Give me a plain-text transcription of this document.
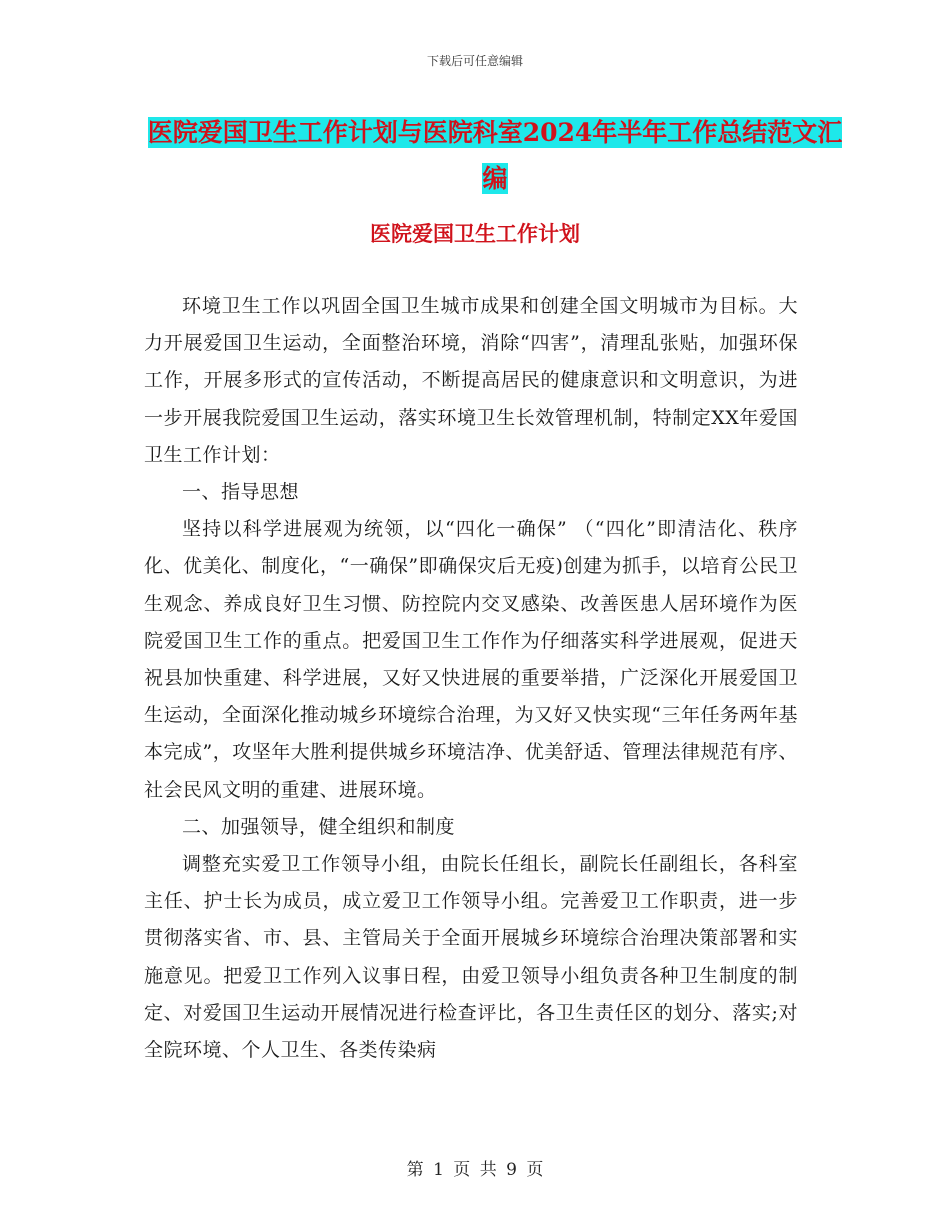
下载后可任意编辑
医院爱国卫生工作计划与医院科室2024年半年工作总结范文汇编
医院爱国卫生工作计划

环境卫生工作以巩固全国卫生城市成果和创建全国文明城市为目标。大力开展爱国卫生运动，全面整治环境，消除“四害”，清理乱张贴，加强环保工作，开展多形式的宣传活动，不断提高居民的健康意识和文明意识，为进一步开展我院爱国卫生运动，落实环境卫生长效管理机制，特制定XX年爱国卫生工作计划：

一、指导思想

坚持以科学进展观为统领，以“四化一确保” （“四化”即清洁化、秩序化、优美化、制度化，“一确保”即确保灾后无疫)创建为抓手，以培育公民卫生观念、养成良好卫生习惯、防控院内交叉感染、改善医患人居环境作为医院爱国卫生工作的重点。把爱国卫生工作作为仔细落实科学进展观，促进天祝县加快重建、科学进展，又好又快进展的重要举措，广泛深化开展爱国卫生运动，全面深化推动城乡环境综合治理，为又好又快实现“三年任务两年基本完成”，攻坚年大胜利提供城乡环境洁净、优美舒适、管理法律规范有序、社会民风文明的重建、进展环境。

二、加强领导，健全组织和制度

调整充实爱卫工作领导小组，由院长任组长，副院长任副组长，各科室主任、护士长为成员，成立爱卫工作领导小组。完善爱卫工作职责，进一步贯彻落实省、市、县、主管局关于全面开展城乡环境综合治理决策部署和实施意见。把爱卫工作列入议事日程，由爱卫领导小组负责各种卫生制度的制定、对爱国卫生运动开展情况进行检查评比，各卫生责任区的划分、落实;对全院环境、个人卫生、各类传染病

第 1 页 共 9 页
